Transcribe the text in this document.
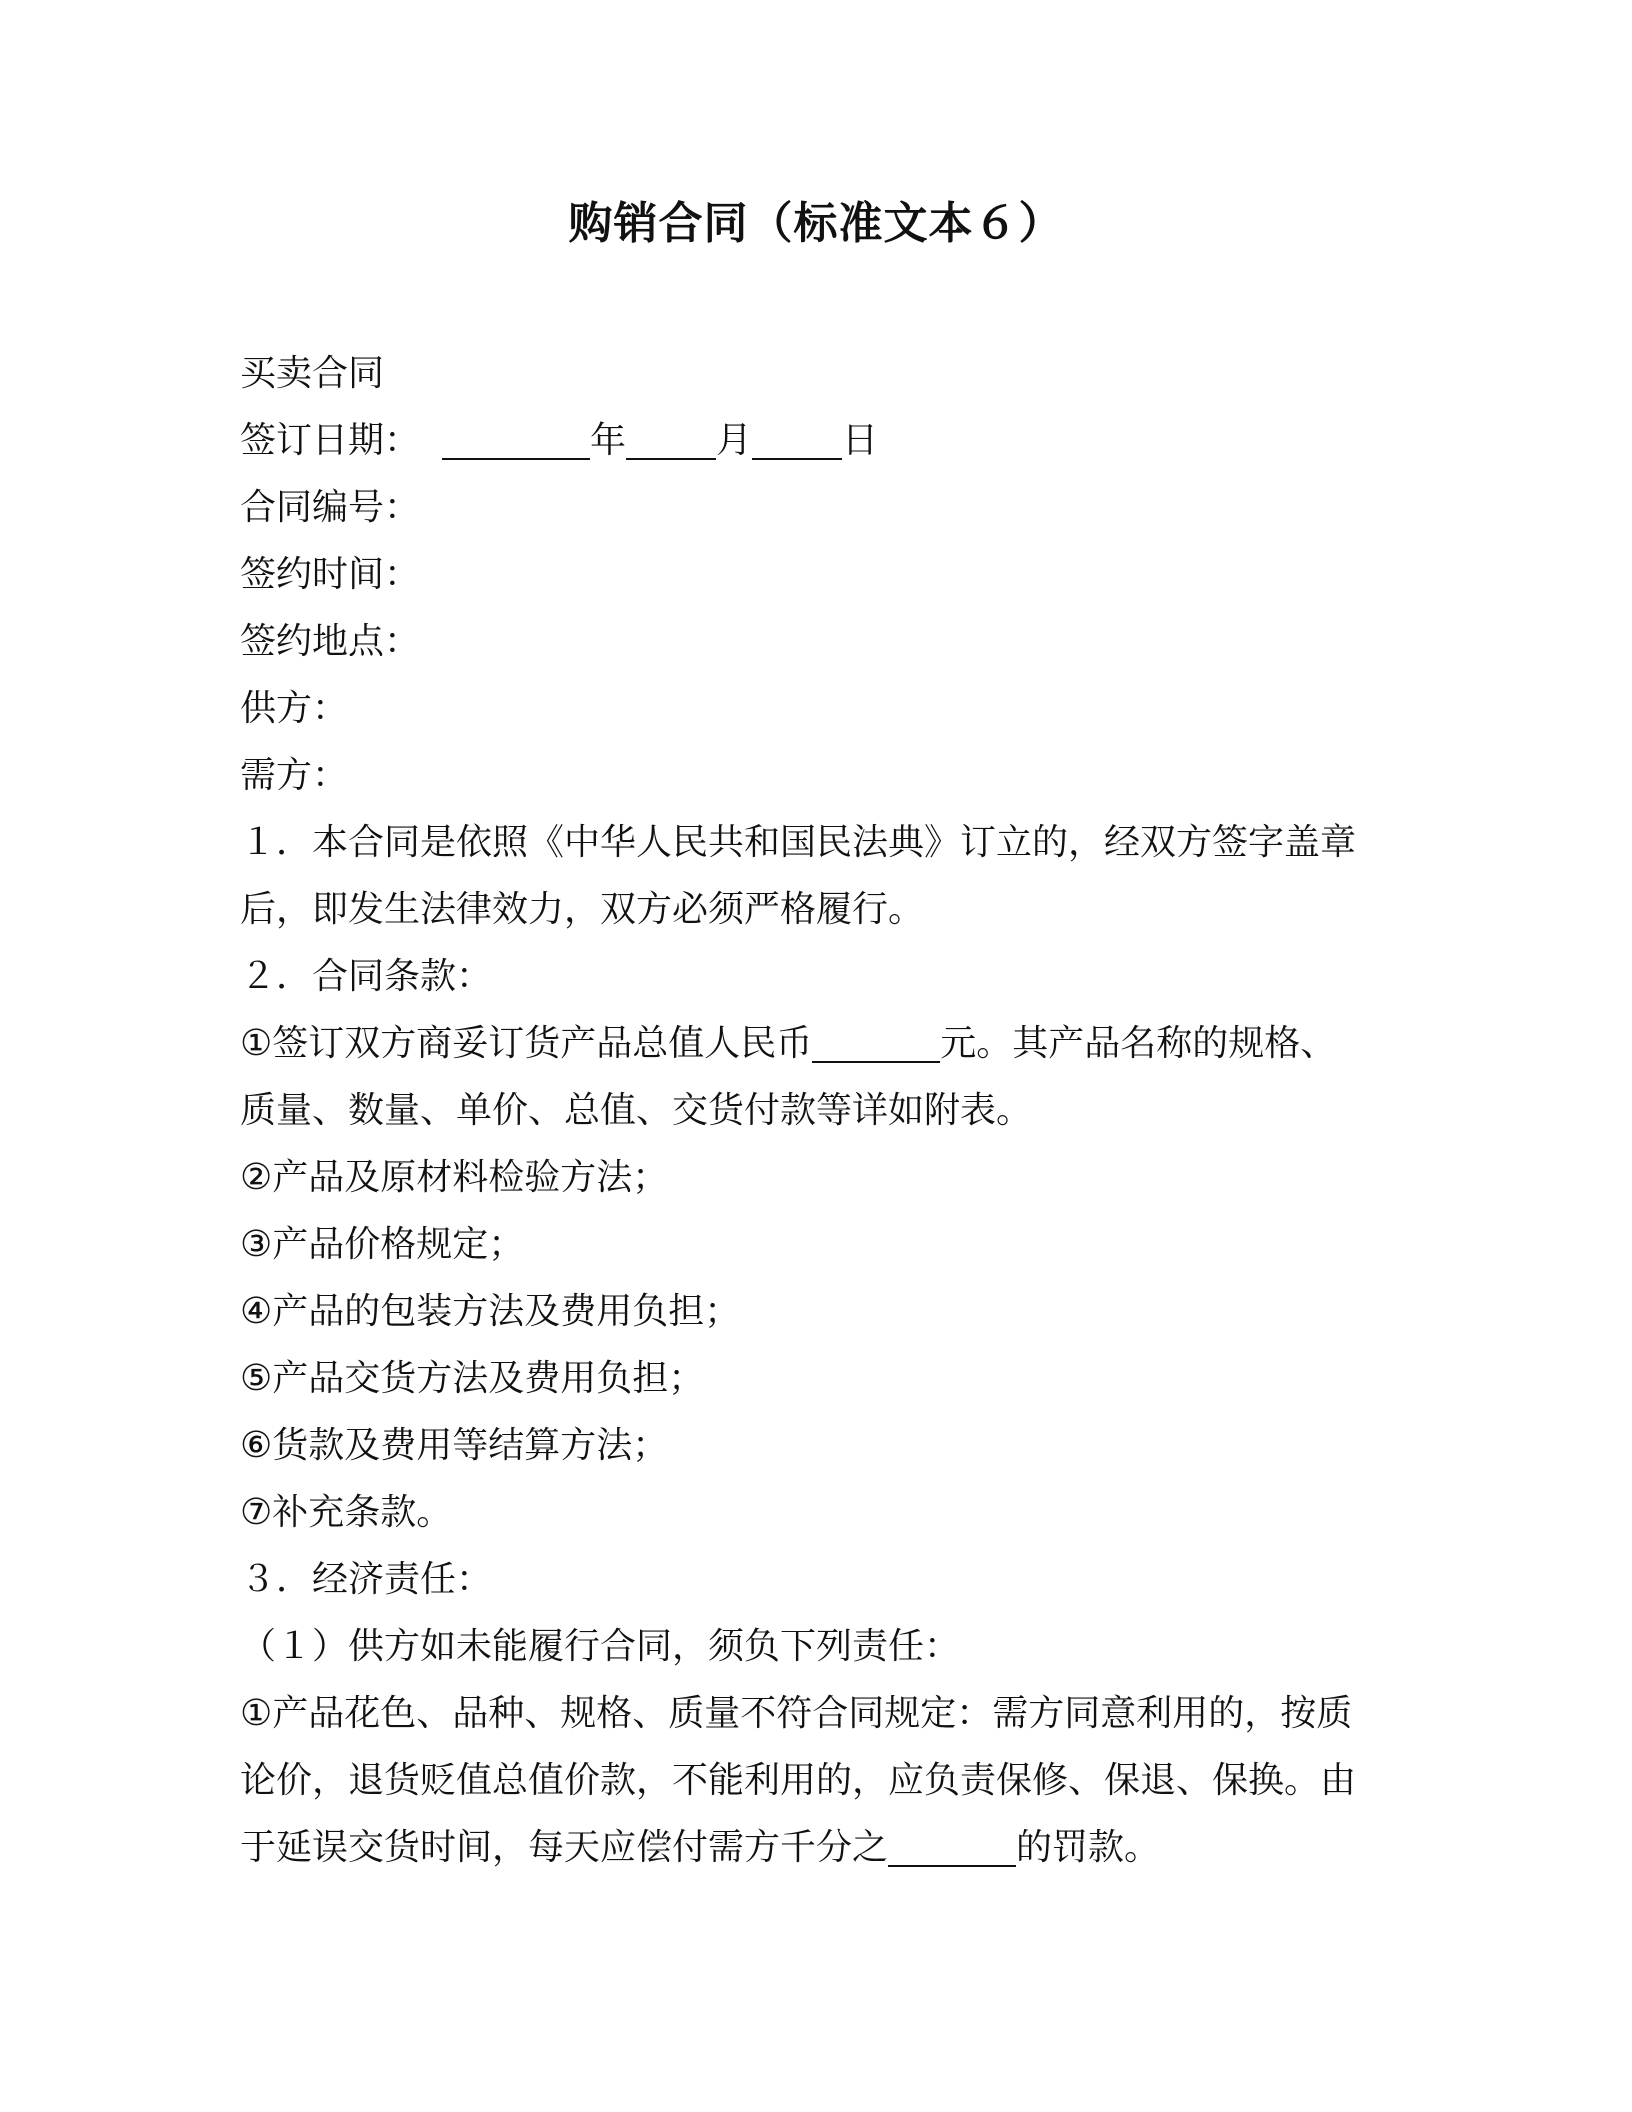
购销合同（标准文本６）
买卖合同
签订日期：	年	月	日
合同编号：
签约时间：
签约地点：
供方：
需方：
１．本合同是依照《中华人民共和国民法典》订立的，经双方签字盖章
后，即发生法律效力，双方必须严格履行。
２．合同条款：
①签订双方商妥订货产品总值人民币	元。其产品名称的规格、
质量、数量、单价、总值、交货付款等详如附表。
②产品及原材料检验方法；
③产品价格规定；
④产品的包装方法及费用负担；
⑤产品交货方法及费用负担；
⑥货款及费用等结算方法；
⑦补充条款。
３．经济责任：
（１）供方如未能履行合同，须负下列责任：
①产品花色、品种、规格、质量不符合同规定：需方同意利用的，按质
论价，退货贬值总值价款，不能利用的，应负责保修、保退、保换。由
于延误交货时间，每天应偿付需方千分之	的罚款。
